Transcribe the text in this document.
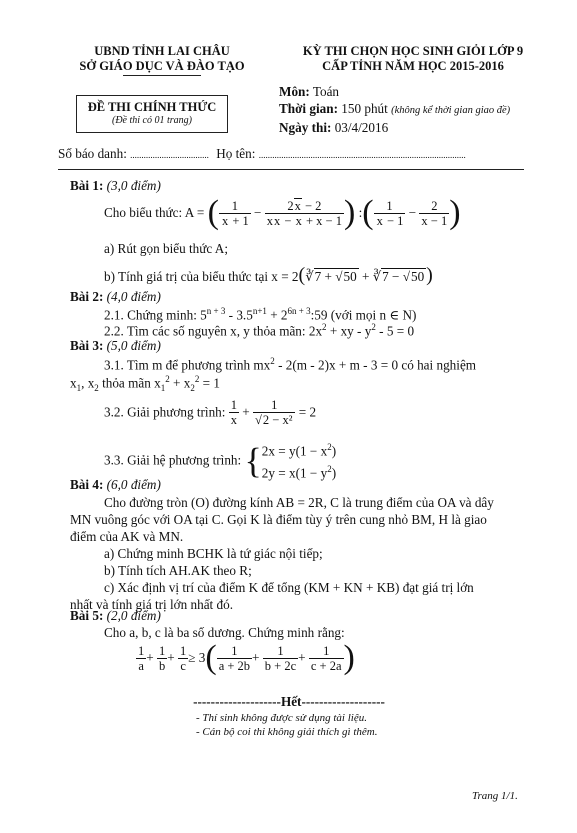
UBND TỈNH LAI CHÂU
SỞ GIÁO DỤC VÀ ĐÀO TẠO
KỲ THI CHỌN HỌC SINH GIỎI LỚP 9
CẤP TỈNH NĂM HỌC 2015-2016
ĐỀ THI CHÍNH THỨC
(Đề thi có 01 trang)
Môn: Toán
Thời gian: 150 phút (không kể thời gian giao đề)
Ngày thi: 03/4/2016
Số báo danh: ................................... Họ tên: ............................................................................................
Bài 1: (3,0 điểm)
Cho biểu thức: A = ( $\frac{1}{x + 1} - \frac{2x - 2}{xx - x + x - 1}$ ) :( $\frac{1}{x - 1} - \frac{2}{x - 1}$ )
a) Rút gọn biểu thức A;
b) Tính giá trị của biểu thức tại x = 2(∛7 + √50 + ∛7 − √50 )
Bài 2: (4,0 điểm)
2.1. Chứng minh: $5^{n + 3} - 3.5^{n+1}$ + $2^{6n + 3}:59$ (với mọi n ∈ N)
2.2. Tìm các số nguyên x, y thỏa mãn: $2x^2$ + xy - $y^2 - 5 = 0$
Bài 3: (5,0 điểm)
3.1. Tìm m để phương trình $mx^2 - 2(m - 2)x + m - 3 = 0$ có hai nghiệm
$x_1$, $x_2$ thỏa mãn $x_1^2 + x_2^2 = 1$
3.2. Giải phương trình: $\frac{1}{x} + \frac{1}{\text{√2 − x²}} = 2$
3.3. Giải hệ phương trình: { $2x = y(1 - x^2)$
$2y = x(1 - y^2)$
Bài 4: (6,0 điểm)
Cho đường tròn (O) đường kính AB = 2R, C là trung điểm của OA và dây
MN vuông góc với OA tại C. Gọi K là điểm tùy ý trên cung nhỏ BM, H là giao
điểm của AK và MN.
a) Chứng minh BCHK là tứ giác nội tiếp;
b) Tính tích AH.AK theo R;
c) Xác định vị trí của điểm K để tổng (KM + KN + KB) đạt giá trị lớn
nhất và tính giá trị lớn nhất đó.
Bài 5: (2,0 điểm)
Cho a, b, c là ba số dương. Chứng minh rằng:
$\frac{1}{a} + \frac{1}{b} + \frac{1}{c} \ge 3( \frac{1}{a + 2b} + \frac{1}{b + 2c} + \frac{1}{c + 2a}$ )
--------------------Hết-------------------
- Thí sinh không được sử dụng tài liệu.
- Cán bộ coi thi không giải thích gì thêm.
Trang 1/1.
